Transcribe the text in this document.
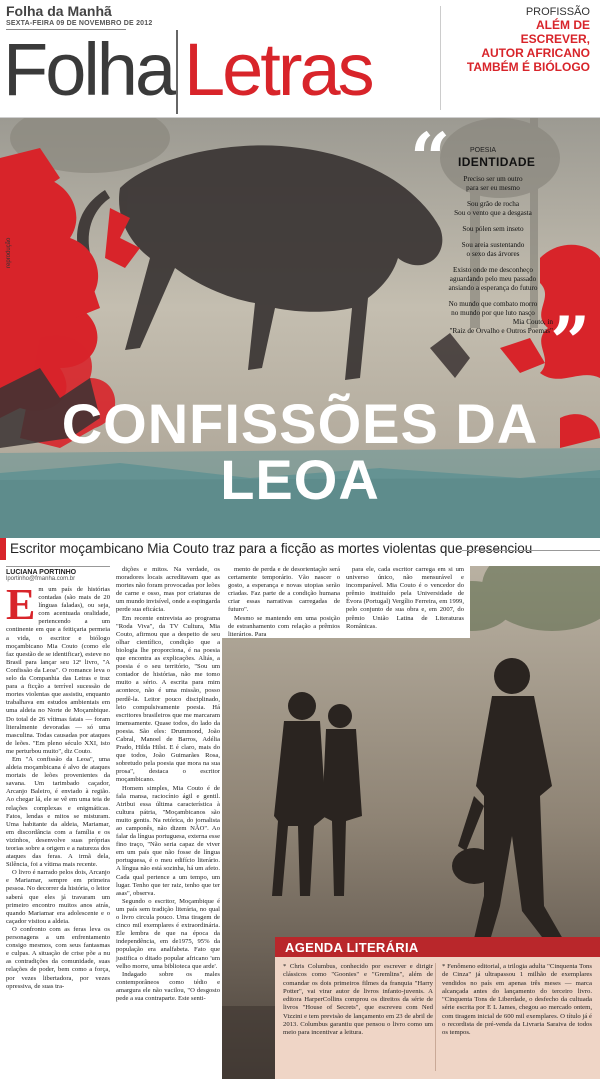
Folha da Manhã
SEXTA-FEIRA 09 DE NOVEMBRO DE 2012
Folha Letras
PROFISSÃO
ALÉM DE
ESCREVER,
AUTOR AFRICANO
TAMBÉM É BIÓLOGO
reprodução
“	POESIA
IDENTIDADE
Preciso ser um outro
para ser eu mesmo
Sou grão de rocha
Sou o vento que a desgasta
Sou pólen sem inseto
Sou areia sustentando
o sexo das árvores
Existo onde me desconheço
aguardando pelo meu passado
ansiando a esperança do futuro
No mundo que combato morro
no mundo por que luto nasço
Mia Couto, in
"Raiz de Orvalho e Outros Poemas"
”
CONFISSÕES DA LEOA
Escritor moçambicano Mia Couto traz para a ficção as mortes violentas que presenciou
LUCIANA PORTINHO
lportinho@fmanha.com.br
E m um país de histórias contadas (são mais de 20 línguas faladas), ou seja, com acentuada oralidade, pertencendo a um continente em que a feitiçaria permeia a vida, o escritor e biólogo moçambicano Mia Couto (como ele faz questão de se identificar), esteve no Brasil para lançar seu 12º livro, "A Confissão da Leoa". O romance leva o selo da Companhia das Letras e traz para a ficção a terrível sucessão de mortes violentas que assistiu, enquanto trabalhava em estudos ambientais em uma aldeia no Norte de Moçambique. Do total de 26 vítimas fatais — foram literalmente devoradas — só uma masculina. Todas causadas por ataques de leões. "Em pleno século XXI, isto me perturbou muito", diz Couto.

Em "A confissão da Leoa", uma aldeia moçambicana é alvo de ataques mortais de leões provenientes da savana. Um tarimbado caçador, Arcanjo Baleiro, é enviado à região. Ao chegar lá, ele se vê em uma teia de relações complexas e enigmáticas. Fatos, lendas e mitos se misturam. Uma habitante da aldeia, Mariamar, em discordância com a família e os vizinhos, desenvolve suas próprias teorias sobre a origem e a natureza dos ataques das feras. A irmã dela, Silência, foi a vítima mais recente.

O livro é narrado pelos dois, Arcanjo e Mariamar, sempre em primeira pessoa. No decorrer da história, o leitor saberá que eles já travaram um primeiro encontro muitos anos atrás, quando Mariamar era adolescente e o caçador visitou a aldeia.

O confronto com as feras leva os personagens a um enfrentamento consigo mesmos, com seus fantasmas e culpas. A situação de crise põe a nu as contradições da comunidade, suas relações de poder, bem como a força, por vezes libertadora, por vezes opressiva, de suas tra-

dições e mitos. Na verdade, os moradores locais acreditavam que as mortes não foram provocadas por leões de carne e osso, mas por criaturas de um mundo invisível, onde a espingarda perde sua eficácia.

Em recente entrevista ao programa "Roda Viva", da TV Cultura, Mia Couto, afirmou que a despeito de seu olhar científico, condição que a biologia lhe proporciona, é na poesia que encontra as explicações. Aliás, a poesia é o seu território, "Sou um contador de histórias, não me tomo muito a sério. A escrita para mim acontece, não é uma missão, posso perdê-la. Leitor pouco disciplinado, leio compulsivamente poesia. Há escritores brasileiros que me marcaram imensamente. Quase todos, do lado da poesia. São eles: Drummond, João Cabral, Manoel de Barros, Adélia Prado, Hilda Hilst. E é claro, mais do que todos, João Guimarães Rosa, sobretudo pela poesia que mora na sua prosa", destaca o escritor moçambicano.

Homem simples, Mia Couto é de fala mansa, raciocínio ágil e gentil. Atribui essa última característica à cultura pátria, "Moçambicanos são muito gentis. Na retórica, do jornalista ao camponês, não dizem NÃO". Ao falar da língua portuguesa, externa esse fino traço, "Não seria capaz de viver em um país que não fosse de língua portuguesa, é o meu edifício literário. A língua não está sozinha, há um afeto. Cada qual pertence a um tempo, um lugar. Tenho que ter raiz, tenho que ter asas", observa.

Segundo o escritor, Moçambique é um país sem tradição literária, no qual o livro circula pouco. Uma tiragem de cinco mil exemplares é extraordinária. Ele lembra de que na época da independência, em de1975, 95% da população era analfabeta. Fato que justifica o ditado popular africano 'um velho morre, uma biblioteca que arde'.

Indagado sobre os males contemporâneos como tédio e amargura ele não vacilou, "O desgosto pede a sua contraparte. Este senti-

mento de perda e de desorientação será certamente temporário. Vão nascer o gosto, a esperança e novas utopias serão criadas. Faz parte de a condição humana criar essas narrativas carregadas de futuro".

Mesmo se mantendo em uma posição de estranhamento com relação a prêmios literários. Para

para ele, cada escritor carrega em si um universo único, não mensurável e incomparável. Mia Couto é o vencedor do prêmio instituído pela Universidade de Évora (Portugal) Vergílio Ferreira, em 1999, pelo conjunto de sua obra e, em 2007, do prêmio União Latina de Literaturas Românicas.

AGENDA LITERÁRIA
* Chris Columbus, conhecido por escrever e dirigir clássicos como "Goonies" e "Gremlins", além de comandar os dois primeiros filmes da franquia "Harry Potter", vai virar autor de livros infanto-juvenis. A editora HarperCollins comprou os direitos da série de livros "House of Secrets", que escreveu com Ned Vizzini e tem previsão de lançamento em 23 de abril de 2013. Columbus garantiu que pensou o livro como um meio para incentivar a leitura.
* Fenômeno editorial, a trilogia adulta "Cinquenta Tons de Cinza" já ultrapassou 1 milhão de exemplares vendidos no país em apenas três meses — marca alcançada antes do lançamento do terceiro livro. "Cinquenta Tons de Liberdade, o desfecho da cultuada série escrita por E L James, chegou ao mercado ontem, com tiragem inicial de 600 mil exemplares. O título já é o recordista de pré-venda da Livraria Saraiva de todos os tempos.
